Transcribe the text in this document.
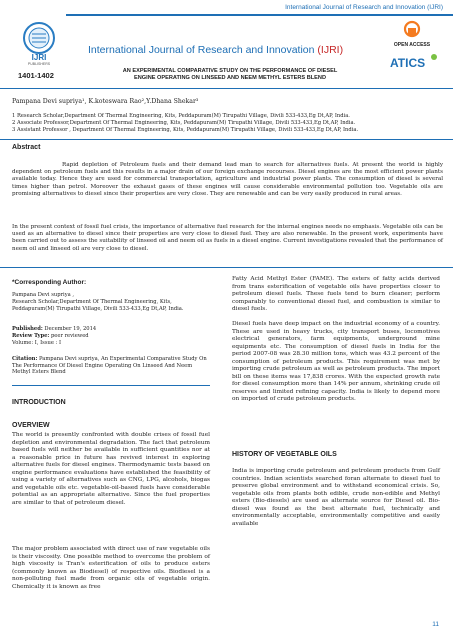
International Journal of Research and Innovation (IJRI)
IJRI
PUBLISHERS
1401-1402
International Journal of Research and Innovation (IJRI)	OPEN ACCESS
ATICS
AN EXPERIMENTAL COMPARATIVE STUDY ON THE PERFORMANCE OF DIESEL
ENGINE OPERATING ON LINSEED AND NEEM METHYL ESTERS BLEND
Pampana Devi supriya¹, K.koteswara Rao²,Y.Dhana Shekar³
1 Research Scholar,Department Of Thermal Engineering, Kits, Peddapuram(M) Tirupathi Village, Divili 533-433,Eg Dt,AP, India.
2 Associate Professor,Department Of Thermal Engineering, Kits, Peddapuram(M) Tirupathi Village, Divili 533-433,Eg Dt,AP, India.
3 Assistant Professor , Department Of Thermal Engineering, Kits, Peddapuram(M) Tirupathi Village, Divili 533-433,Eg Dt,AP, India.
Abstract
Rapid depletion of Petroleum fuels and their demand lead man to search for alternatives fuels. At present the world is highly dependent on petroleum fuels and this results in a major drain of our foreign exchange recourses. Diesel engines are the most efficient power plants available today. Hence they are used for commercial transportation, agriculture and industrial power plants. The consumption of diesel is several times higher than petrol. Moreover the exhaust gases of these engines will cause considerable environmental pollution too. Vegetable oils are promising alternatives to diesel since their properties are very close. They are renewable and can be very easily produced in rural areas.
In the present context of fossil fuel crisis, the importance of alternative fuel research for the internal engines needs no emphasis. Vegetable oils can be used as an alternative to diesel since their properties are very close to diesel fuel. They are also renewable. In the present work, experiments have been carried out to assess the suitability of linseed oil and neem oil as fuels in a diesel engine. Current investigations revealed that the performance of neem oil and linseed oil are very close to diesel.
*Corresponding Author:
Pampana Devi supriya ,
Research Scholar,Department Of Thermal Engineering, Kits, Peddapuram(M) Tirupathi Village, Divili 533-433,Eg Dt,AP, India.
Published: December 19, 2014
Review Type: peer reviewed
Volume: I, Issue : I
Citation: Pampana Devi supriya, An Experimental Comparative Study On The Performance Of Diesel Engine Operating On Linseed And Neem Methyl Esters Blend
INTRODUCTION
OVERVIEW
The world is presently confronted with double crises of fossil fuel depletion and environmental degradation. The fact that petroleum based fuels will neither be available in sufficient quantities nor at a reasonable price in future has revived interest in exploring alternative fuels for diesel engines. Thermodynamic tests based on engine performance evaluations have established the feasibility of using a variety of alternatives such as CNG, LPG, alcohols, biogas and vegetable oils etc. vegetable-oil-based fuels have considerable potential as an appropriate alternative. Since the fuel properties are similar to that of petroleum diesel.
The major problem associated with direct use of raw vegetable oils is their viscosity. One possible method to overcome the problem of high viscosity is Tran's esterification of oils to produce esters (commonly known as Biodiesel) of respective oils. Biodiesel is a non-polluting fuel made from organic oils of vegetable origin. Chemically it is known as free
Fatty Acid Methyl Ester (FAME). The esters of fatty acids derived from trans esterification of vegetable oils have properties closer to petroleum diesel fuels. These fuels tend to burn cleaner; perform comparably to conventional diesel fuel, and combustion is similar to diesel fuels.
Diesel fuels have deep impact on the industrial economy of a country. These are used in heavy trucks, city transport buses, locomotives electrical generators, farm equipments, underground mine equipments etc. The consumption of diesel fuels in India for the period 2007-08 was 28.30 million tons, which was 43.2 percent of the consumption of petroleum products. This requirement was met by importing crude petroleum as well as petroleum products. The import bill on these items was 17,838 crores. With the expected growth rate for diesel consumption more than 14% per annum, shrinking crude oil reserves and limited refining capacity. India is likely to depend more on imported of crude petroleum products.
HISTORY OF VEGETABLE OILS
India is importing crude petroleum and petroleum products from Gulf countries. Indian scientists searched foran alternate to diesel fuel to preserve global environment and to withstand economical crisis. So, vegetable oils from plants both edible, crude non-edible and Methyl esters (Bio-diesels) are used as alternate source for Diesel oil. Bio-diesel was found as the best alternate fuel, technically and environmentally acceptable, environmentally competitive and easily available
11
